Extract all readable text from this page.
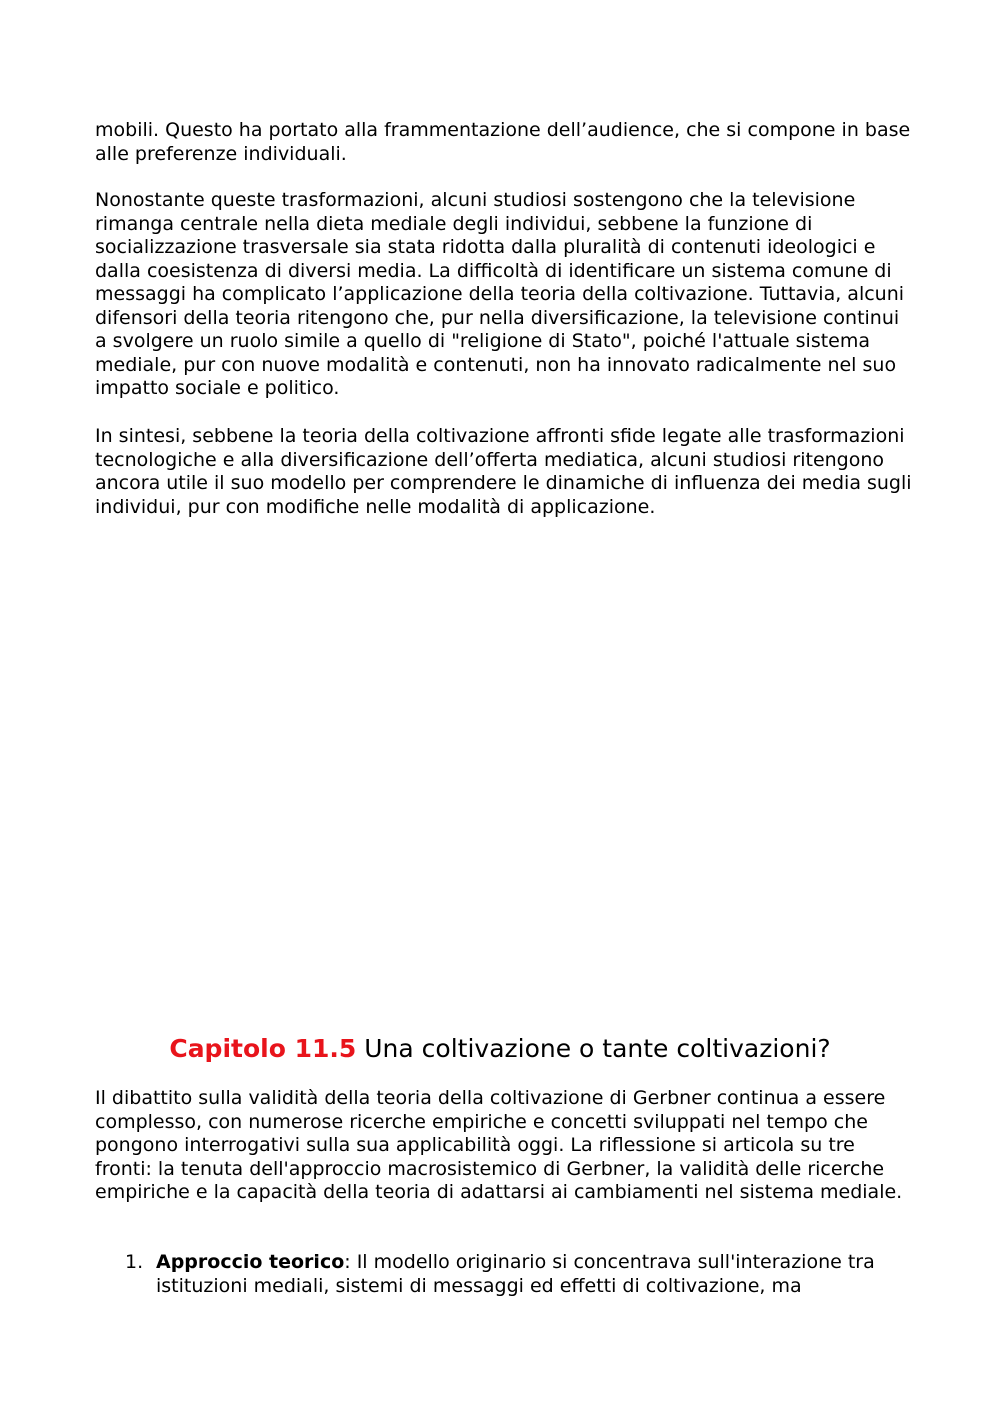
mobili. Questo ha portato alla frammentazione dell’audience, che si compone in base alle preferenze individuali.

Nonostante queste trasformazioni, alcuni studiosi sostengono che la televisione rimanga centrale nella dieta mediale degli individui, sebbene la funzione di socializzazione trasversale sia stata ridotta dalla pluralità di contenuti ideologici e dalla coesistenza di diversi media. La difficoltà di identificare un sistema comune di messaggi ha complicato l’applicazione della teoria della coltivazione. Tuttavia, alcuni difensori della teoria ritengono che, pur nella diversificazione, la televisione continui a svolgere un ruolo simile a quello di "religione di Stato", poiché l'attuale sistema mediale, pur con nuove modalità e contenuti, non ha innovato radicalmente nel suo impatto sociale e politico.

In sintesi, sebbene la teoria della coltivazione affronti sfide legate alle trasformazioni tecnologiche e alla diversificazione dell’offerta mediatica, alcuni studiosi ritengono ancora utile il suo modello per comprendere le dinamiche di influenza dei media sugli individui, pur con modifiche nelle modalità di applicazione.

Capitolo 11.5 Una coltivazione o tante coltivazioni?

Il dibattito sulla validità della teoria della coltivazione di Gerbner continua a essere complesso, con numerose ricerche empiriche e concetti sviluppati nel tempo che pongono interrogativi sulla sua applicabilità oggi. La riflessione si articola su tre fronti: la tenuta dell'approccio macrosistemico di Gerbner, la validità delle ricerche empiriche e la capacità della teoria di adattarsi ai cambiamenti nel sistema mediale.

1. Approccio teorico: Il modello originario si concentrava sull'interazione tra istituzioni mediali, sistemi di messaggi ed effetti di coltivazione, ma
